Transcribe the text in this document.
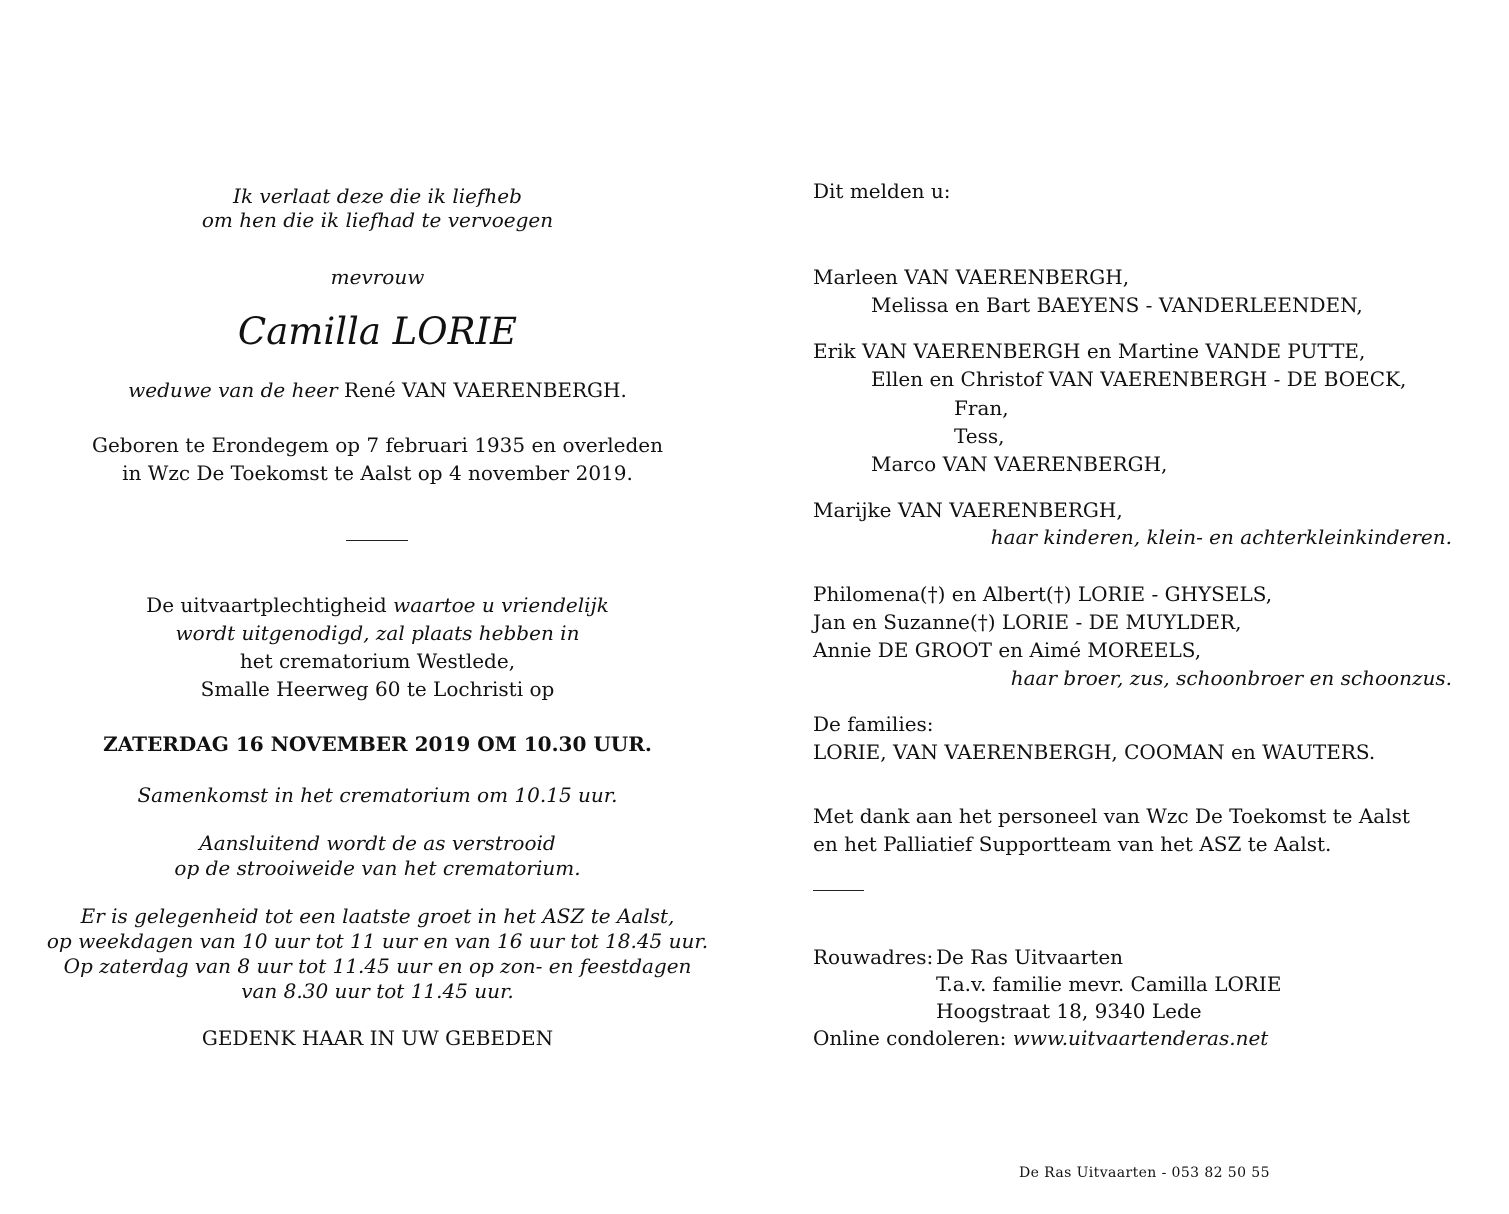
Ik verlaat deze die ik liefheb
om hen die ik liefhad te vervoegen
mevrouw
Camilla LORIE
weduwe van de heer René VAN VAERENBERGH.
Geboren te Erondegem op 7 februari 1935 en overleden
in Wzc De Toekomst te Aalst op 4 november 2019.
De uitvaartplechtigheid waartoe u vriendelijk
wordt uitgenodigd, zal plaats hebben in
het crematorium Westlede,
Smalle Heerweg 60 te Lochristi op
ZATERDAG 16 NOVEMBER 2019 OM 10.30 UUR.
Samenkomst in het crematorium om 10.15 uur.
Aansluitend wordt de as verstrooid
op de strooiweide van het crematorium.
Er is gelegenheid tot een laatste groet in het ASZ te Aalst,
op weekdagen van 10 uur tot 11 uur en van 16 uur tot 18.45 uur.
Op zaterdag van 8 uur tot 11.45 uur en op zon- en feestdagen
van 8.30 uur tot 11.45 uur.
GEDENK HAAR IN UW GEBEDEN
Dit melden u:
Marleen VAN VAERENBERGH,
Melissa en Bart BAEYENS - VANDERLEENDEN,
Erik VAN VAERENBERGH en Martine VANDE PUTTE,
Ellen en Christof VAN VAERENBERGH - DE BOECK,
Fran,
Tess,
Marco VAN VAERENBERGH,
Marijke VAN VAERENBERGH,
haar kinderen, klein- en achterkleinkinderen.
Philomena(†) en Albert(†) LORIE - GHYSELS,
Jan en Suzanne(†) LORIE - DE MUYLDER,
Annie DE GROOT en Aimé MOREELS,
haar broer, zus, schoonbroer en schoonzus.
De families:
LORIE, VAN VAERENBERGH, COOMAN en WAUTERS.
Met dank aan het personeel van Wzc De Toekomst te Aalst
en het Palliatief Supportteam van het ASZ te Aalst.
Rouwadres: De Ras Uitvaarten
T.a.v. familie mevr. Camilla LORIE
Hoogstraat 18, 9340 Lede
Online condoleren: www.uitvaartenderas.net
De Ras Uitvaarten - 053 82 50 55
